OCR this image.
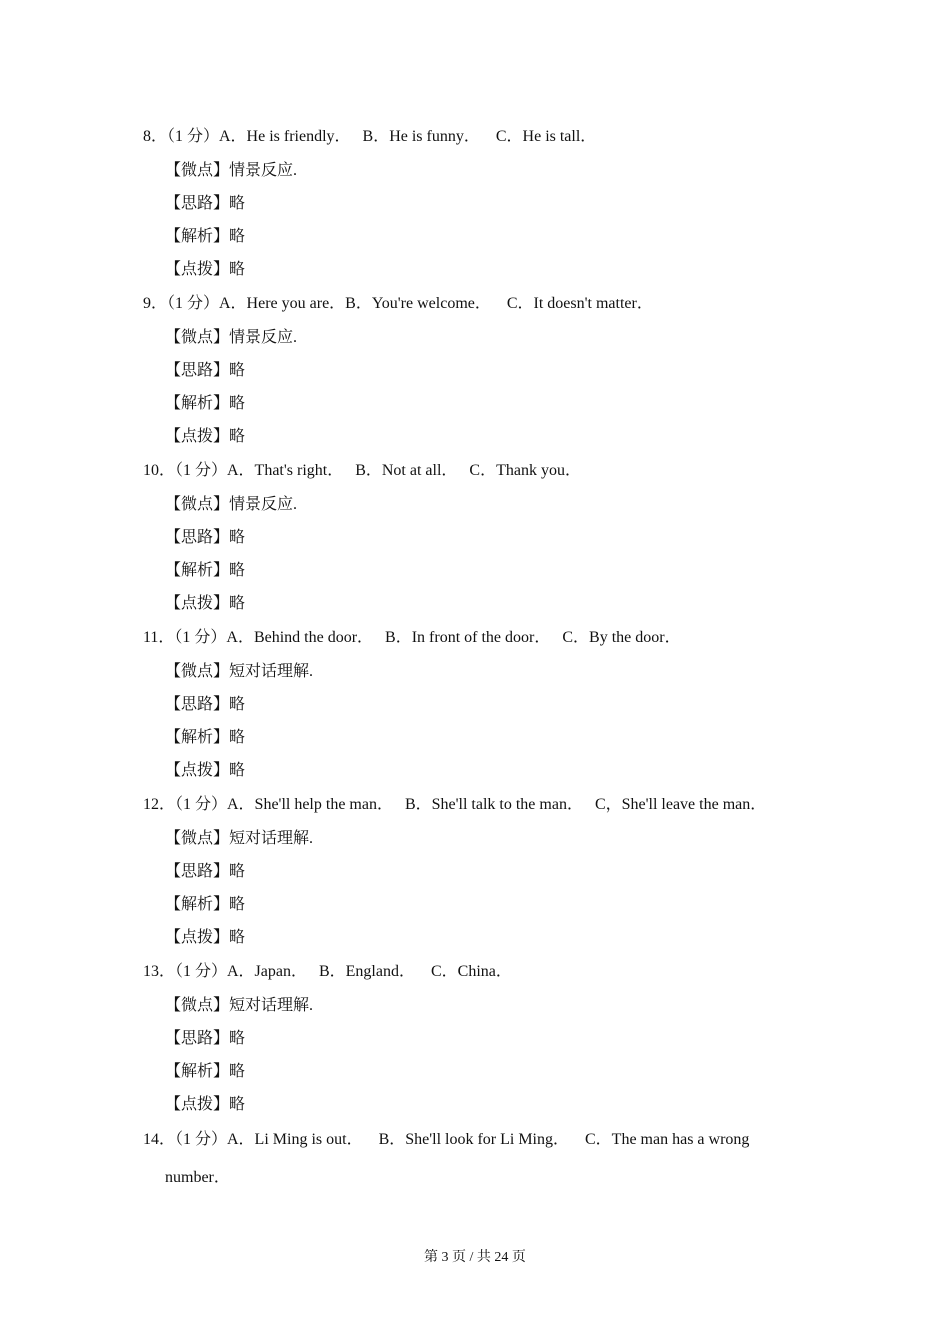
8．（1 分）A．He is friendly．   B．He is funny．    C．He is tall．
【微点】情景反应.
【思路】略
【解析】略
【点拨】略
9．（1 分）A．Here you are．B．You're welcome．    C．It doesn't matter．
【微点】情景反应.
【思路】略
【解析】略
【点拨】略
10．（1 分）A．That's right．   B．Not at all．   C．Thank you．
【微点】情景反应.
【思路】略
【解析】略
【点拨】略
11．（1 分）A．Behind the door．   B．In front of the door．   C．By the door．
【微点】短对话理解.
【思路】略
【解析】略
【点拨】略
12．（1 分）A．She'll help the man．   B．She'll talk to the man．   C，She'll leave the man．
【微点】短对话理解.
【思路】略
【解析】略
【点拨】略
13．（1 分）A．Japan．   B．England．    C．China．
【微点】短对话理解.
【思路】略
【解析】略
【点拨】略
14．（1 分）A．Li Ming is out．    B．She'll look for Li Ming．    C．The man has a wrong
number．
第 3 页 / 共 24 页
